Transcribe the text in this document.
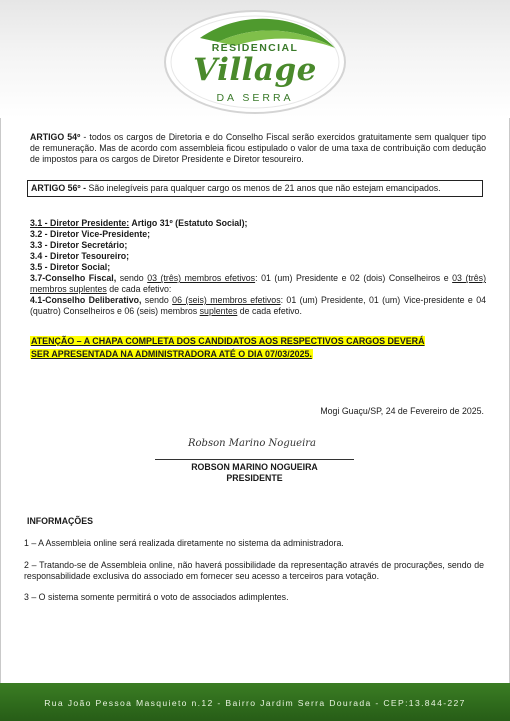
RESIDENCIAL
Village
DA SERRA
ARTIGO 54º - todos os cargos de Diretoria e do Conselho Fiscal serão exercidos gratuitamente sem qualquer tipo de remuneração. Mas de acordo com assembleia ficou estipulado o valor de uma taxa de contribuição com dedução de impostos para os cargos de Diretor Presidente e Diretor tesoureiro.
ARTIGO 56º - São inelegíveis para qualquer cargo os menos de 21 anos que não estejam emancipados.
3.1 - Diretor Presidente: Artigo 31º (Estatuto Social);
3.2 - Diretor Vice-Presidente;
3.3 - Diretor Secretário;
3.4 - Diretor Tesoureiro;
3.5 - Diretor Social;
3.7-Conselho Fiscal, sendo 03 (três) membros efetivos: 01 (um) Presidente e 02 (dois) Conselheiros e 03 (três) membros suplentes de cada efetivo:
4.1-Conselho Deliberativo, sendo 06 (seis) membros efetivos: 01 (um) Presidente, 01 (um) Vice-presidente e 04 (quatro) Conselheiros e 06 (seis) membros suplentes de cada efetivo.
ATENÇÃO – A CHAPA COMPLETA DOS CANDIDATOS AOS RESPECTIVOS CARGOS DEVERÁ
SER APRESENTADA NA ADMINISTRADORA ATÉ O DIA 07/03/2025.
Mogi Guaçu/SP, 24 de Fevereiro de 2025.
Robson Marino Nogueira
ROBSON MARINO NOGUEIRA
PRESIDENTE
INFORMAÇÕES
1 – A Assembleia online será realizada diretamente no sistema da administradora.
2 – Tratando-se de Assembleia online, não haverá possibilidade da representação através de procurações, sendo de responsabilidade exclusiva do associado em fornecer seu acesso a terceiros para votação.
3 – O sistema somente permitirá o voto de associados adimplentes.
Rua João Pessoa Masquieto n.12 - Bairro Jardim Serra Dourada - CEP:13.844-227
